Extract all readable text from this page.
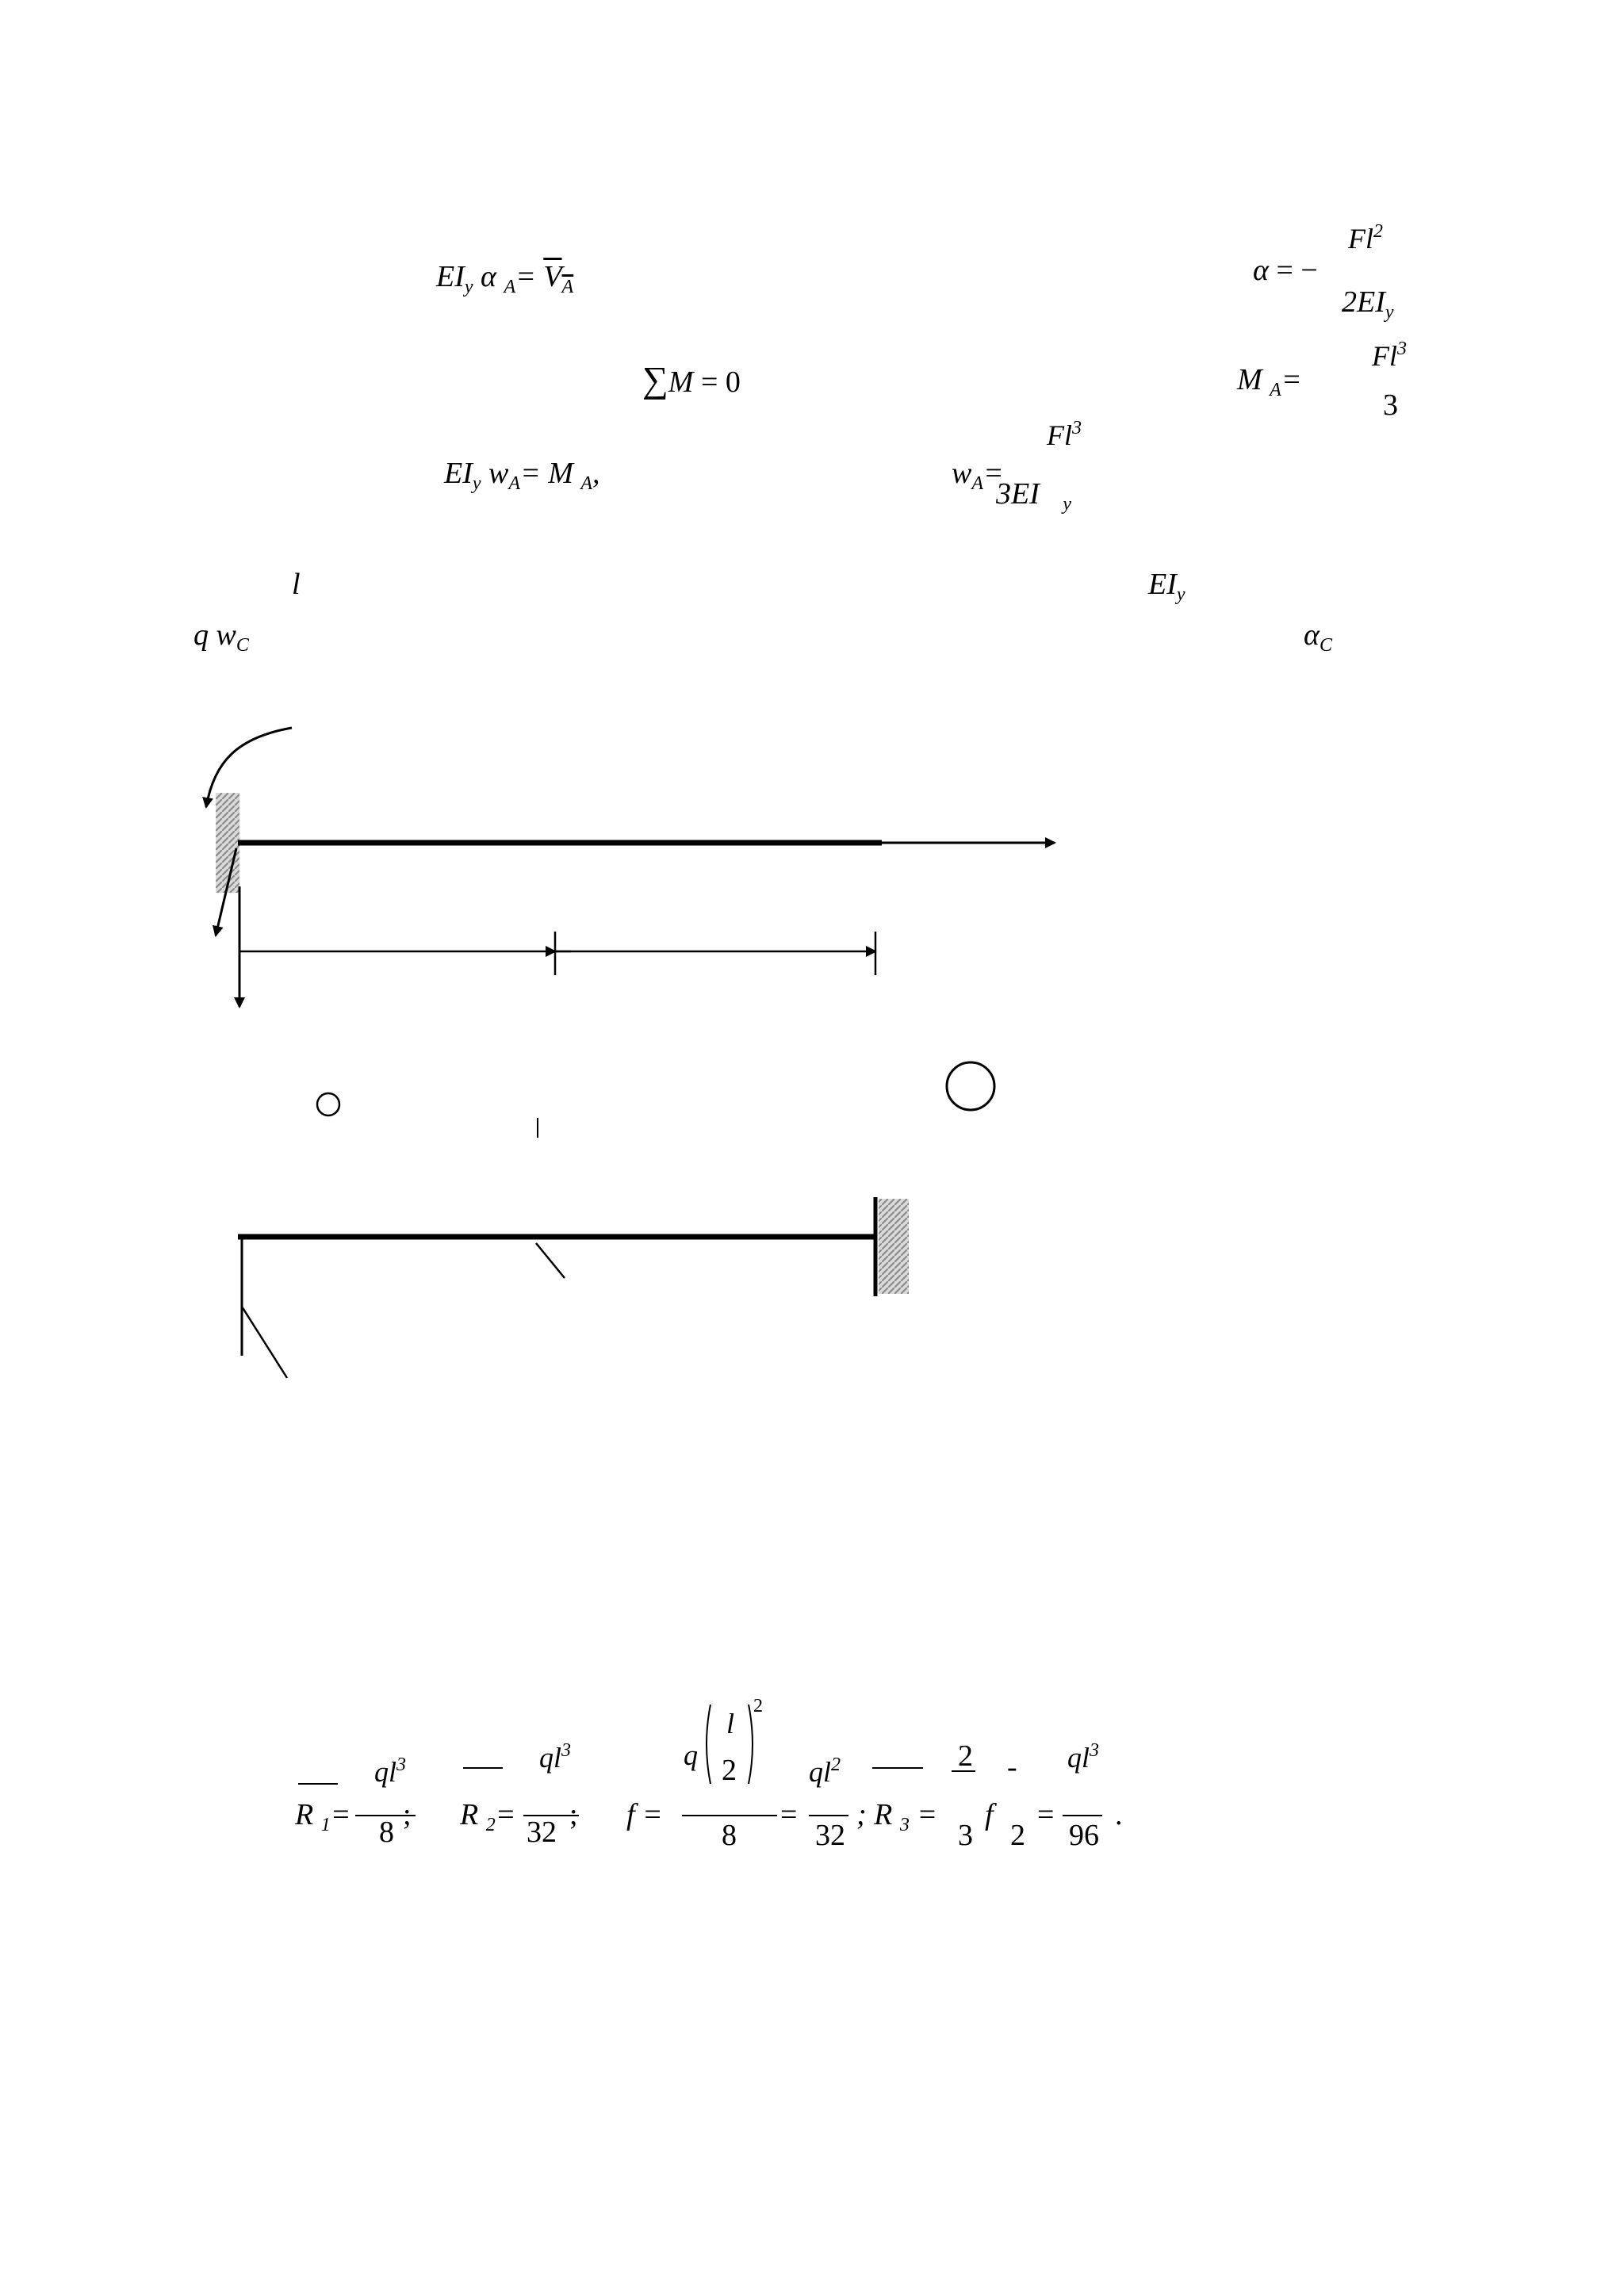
$EI_y$ α $_A= V_A$	α = −
$Fl^2$
$2EI_y$
∑M = 0	M $_A$=
$Fl^3$
3
$EI_y$ $w_A= M$ $_A$,	$w_A=$
$Fl^3$
3EI $_y$
l	$EI_y$
q $w_C$	$\alpha_C$
R $_1$=
$ql^3$
8
; R $_2$=
$ql^3$
32
; f =
q
l
2
2
8
=
$ql^2$
32
; R $_3$ =
2
3
-
f
2
=
$ql^3$
96
.
